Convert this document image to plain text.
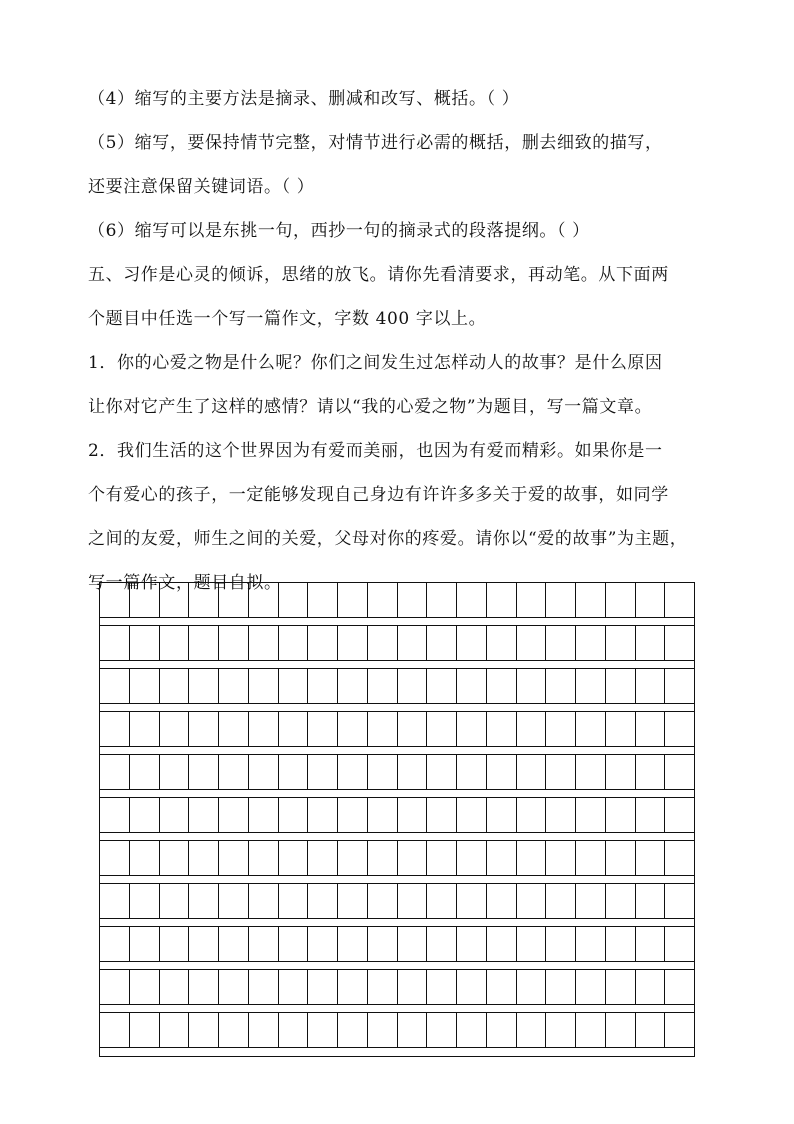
（4）缩写的主要方法是摘录、删减和改写、概括。（ ）
（5）缩写，要保持情节完整，对情节进行必需的概括，删去细致的描写，
还要注意保留关键词语。（ ）
（6）缩写可以是东挑一句，西抄一句的摘录式的段落提纲。（ ）
五、习作是心灵的倾诉，思绪的放飞。请你先看清要求，再动笔。从下面两
个题目中任选一个写一篇作文，字数 400 字以上。
1．你的心爱之物是什么呢？你们之间发生过怎样动人的故事？是什么原因
让你对它产生了这样的感情？请以“我的心爱之物”为题目，写一篇文章。
2．我们生活的这个世界因为有爱而美丽，也因为有爱而精彩。如果你是一
个有爱心的孩子，一定能够发现自己身边有许许多多关于爱的故事，如同学
之间的友爱，师生之间的关爱，父母对你的疼爱。请你以“爱的故事”为主题，
写一篇作文，题目自拟。
